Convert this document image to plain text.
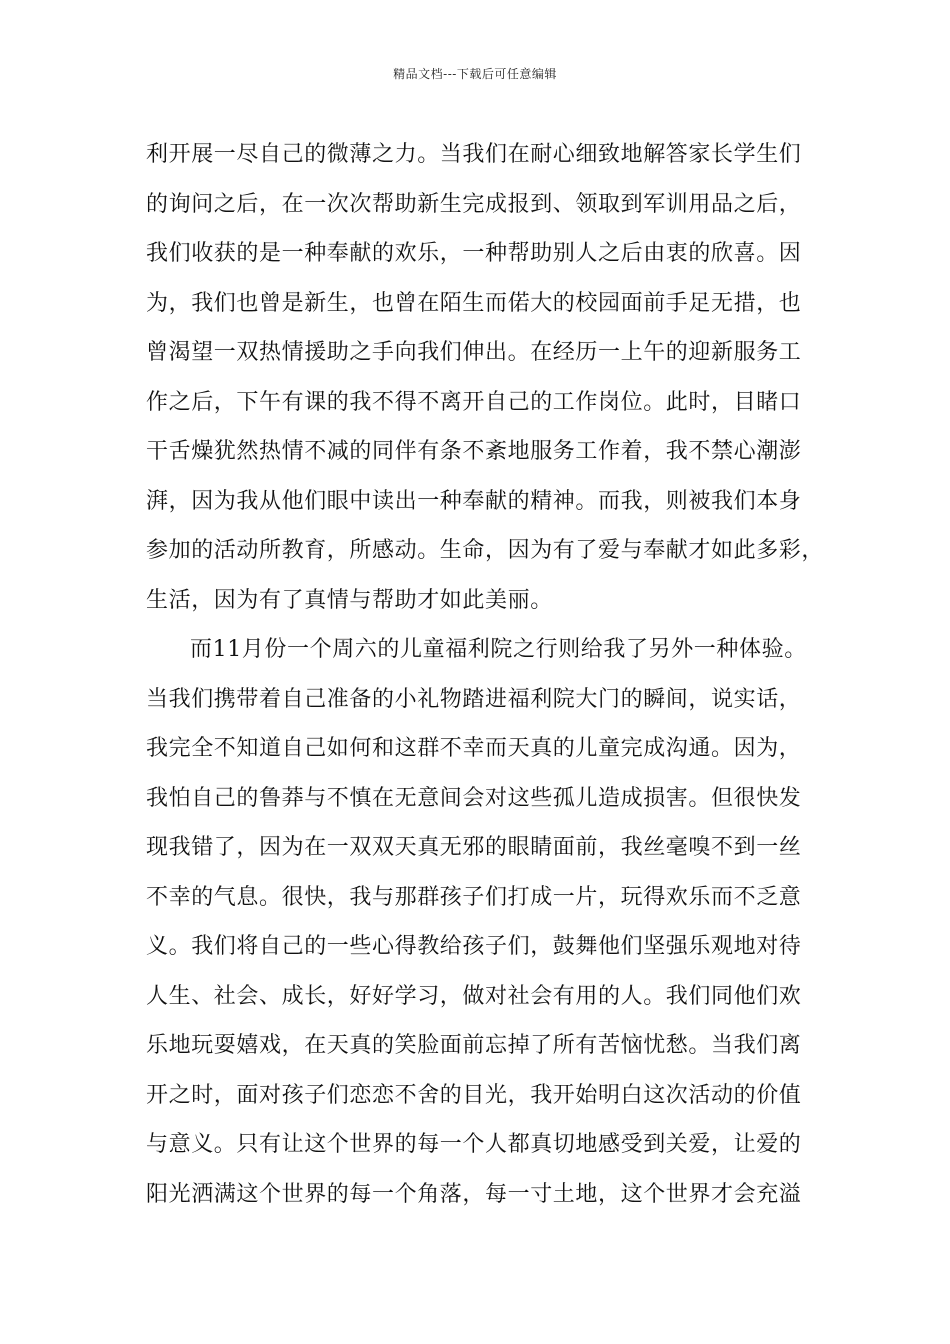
精品文档---下载后可任意编辑
利开展一尽自己的微薄之力。当我们在耐心细致地解答家长学生们
的询问之后，在一次次帮助新生完成报到、领取到军训用品之后，
我们收获的是一种奉献的欢乐，一种帮助别人之后由衷的欣喜。因
为，我们也曾是新生，也曾在陌生而偌大的校园面前手足无措，也
曾渴望一双热情援助之手向我们伸出。在经历一上午的迎新服务工
作之后，下午有课的我不得不离开自己的工作岗位。此时，目睹口
干舌燥犹然热情不减的同伴有条不紊地服务工作着，我不禁心潮澎
湃，因为我从他们眼中读出一种奉献的精神。而我，则被我们本身
参加的活动所教育，所感动。生命，因为有了爱与奉献才如此多彩，
生活，因为有了真情与帮助才如此美丽。
而11月份一个周六的儿童福利院之行则给我了另外一种体验。
当我们携带着自己准备的小礼物踏进福利院大门的瞬间，说实话，
我完全不知道自己如何和这群不幸而天真的儿童完成沟通。因为，
我怕自己的鲁莽与不慎在无意间会对这些孤儿造成损害。但很快发
现我错了，因为在一双双天真无邪的眼睛面前，我丝毫嗅不到一丝
不幸的气息。很快，我与那群孩子们打成一片，玩得欢乐而不乏意
义。我们将自己的一些心得教给孩子们，鼓舞他们坚强乐观地对待
人生、社会、成长，好好学习，做对社会有用的人。我们同他们欢
乐地玩耍嬉戏，在天真的笑脸面前忘掉了所有苦恼忧愁。当我们离
开之时，面对孩子们恋恋不舍的目光，我开始明白这次活动的价值
与意义。只有让这个世界的每一个人都真切地感受到关爱，让爱的
阳光洒满这个世界的每一个角落，每一寸土地，这个世界才会充溢
